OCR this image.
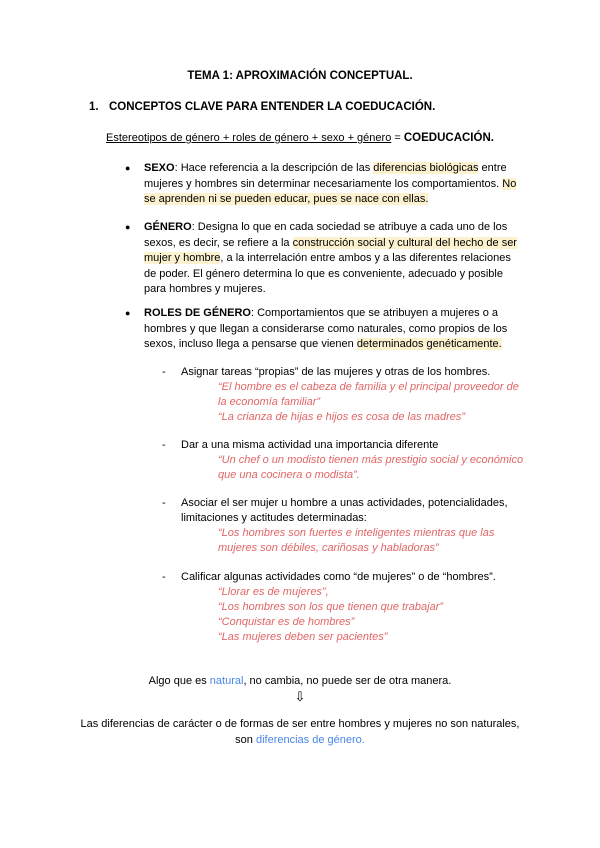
TEMA 1: APROXIMACIÓN CONCEPTUAL.
1. CONCEPTOS CLAVE PARA ENTENDER LA COEDUCACIÓN.
Estereotipos de género + roles de género + sexo + género = COEDUCACIÓN.
● SEXO: Hace referencia a la descripción de las diferencias biológicas entre mujeres y hombres sin determinar necesariamente los comportamientos. No se aprenden ni se pueden educar, pues se nace con ellas.
● GÉNERO: Designa lo que en cada sociedad se atribuye a cada uno de los sexos, es decir, se refiere a la construcción social y cultural del hecho de ser mujer y hombre, a la interrelación entre ambos y a las diferentes relaciones de poder. El género determina lo que es conveniente, adecuado y posible para hombres y mujeres.
● ROLES DE GÉNERO: Comportamientos que se atribuyen a mujeres o a hombres y que llegan a considerarse como naturales, como propios de los sexos, incluso llega a pensarse que vienen determinados genéticamente.
- Asignar tareas “propias” de las mujeres y otras de los hombres.
“El hombre es el cabeza de familia y el principal proveedor de la economía familiar”
“La crianza de hijas e hijos es cosa de las madres”
- Dar a una misma actividad una importancia diferente
“Un chef o un modisto tienen más prestigio social y económico que una cocinera o modista”.
- Asociar el ser mujer u hombre a unas actividades, potencialidades, limitaciones y actitudes determinadas:
“Los hombres son fuertes e inteligentes mientras que las mujeres son débiles, cariñosas y habladoras”
- Calificar algunas actividades como “de mujeres” o de “hombres”.
“Llorar es de mujeres”,
“Los hombres son los que tienen que trabajar”
“Conquistar es de hombres”
“Las mujeres deben ser pacientes”
Algo que es natural, no cambia, no puede ser de otra manera.
⇩
Las diferencias de carácter o de formas de ser entre hombres y mujeres no son naturales,
son diferencias de género.
